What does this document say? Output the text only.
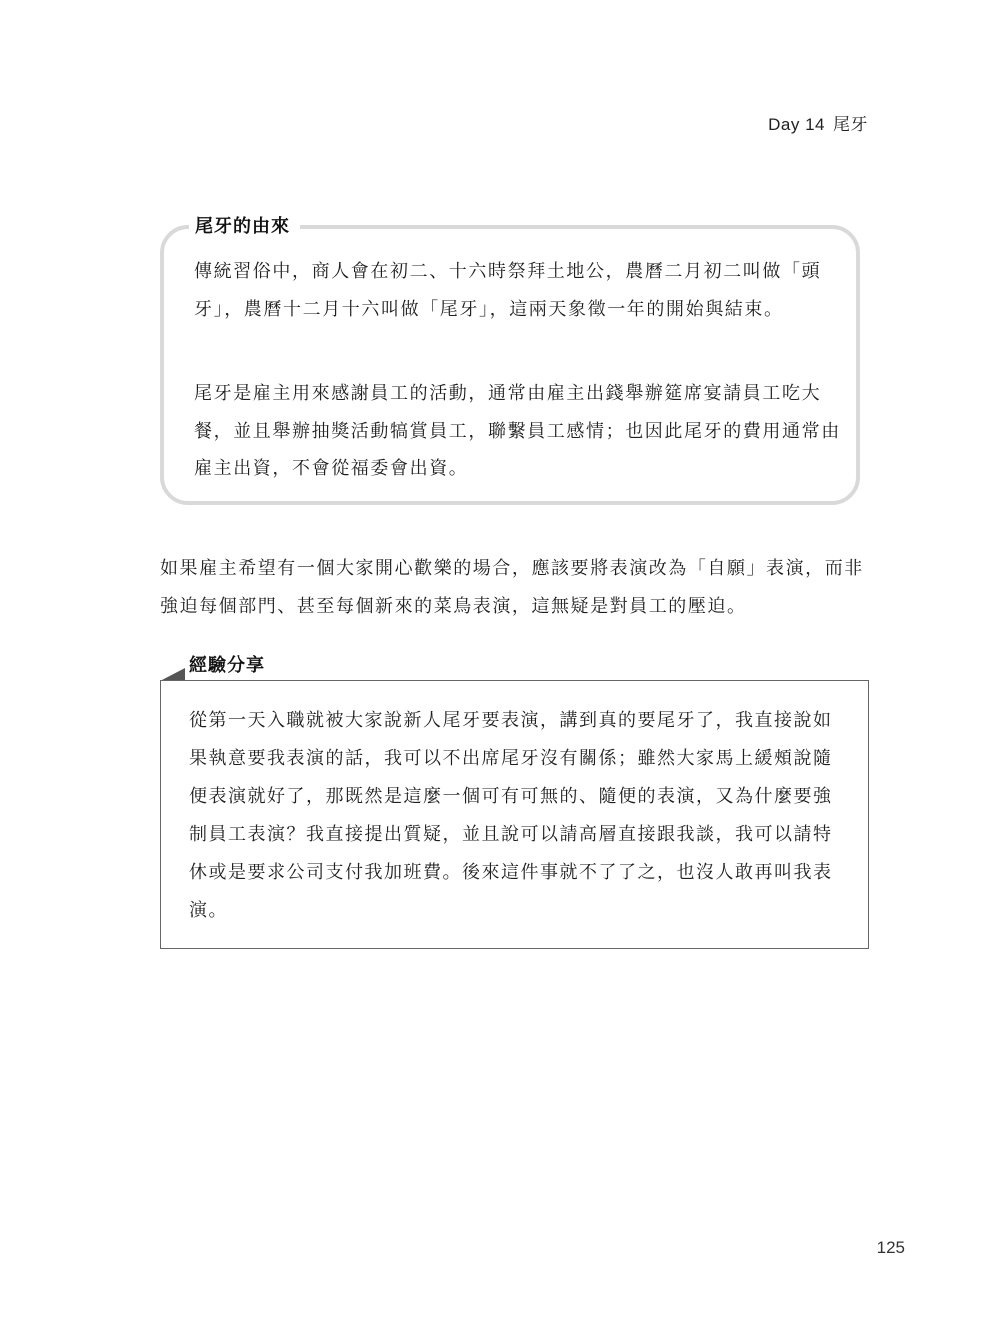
Day 14 尾牙
尾牙的由來

傳統習俗中，商人會在初二、十六時祭拜土地公，農曆二月初二叫做「頭牙」，農曆十二月十六叫做「尾牙」，這兩天象徵一年的開始與結束。

尾牙是雇主用來感謝員工的活動，通常由雇主出錢舉辦筵席宴請員工吃大餐，並且舉辦抽獎活動犒賞員工，聯繫員工感情；也因此尾牙的費用通常由雇主出資，不會從福委會出資。

如果雇主希望有一個大家開心歡樂的場合，應該要將表演改為「自願」表演，而非強迫每個部門、甚至每個新來的菜鳥表演，這無疑是對員工的壓迫。

經驗分享

從第一天入職就被大家說新人尾牙要表演，講到真的要尾牙了，我直接說如果執意要我表演的話，我可以不出席尾牙沒有關係；雖然大家馬上緩頰說隨便表演就好了，那既然是這麼一個可有可無的、隨便的表演，又為什麼要強制員工表演？我直接提出質疑，並且說可以請高層直接跟我談，我可以請特休或是要求公司支付我加班費。後來這件事就不了了之，也沒人敢再叫我表演。

125
